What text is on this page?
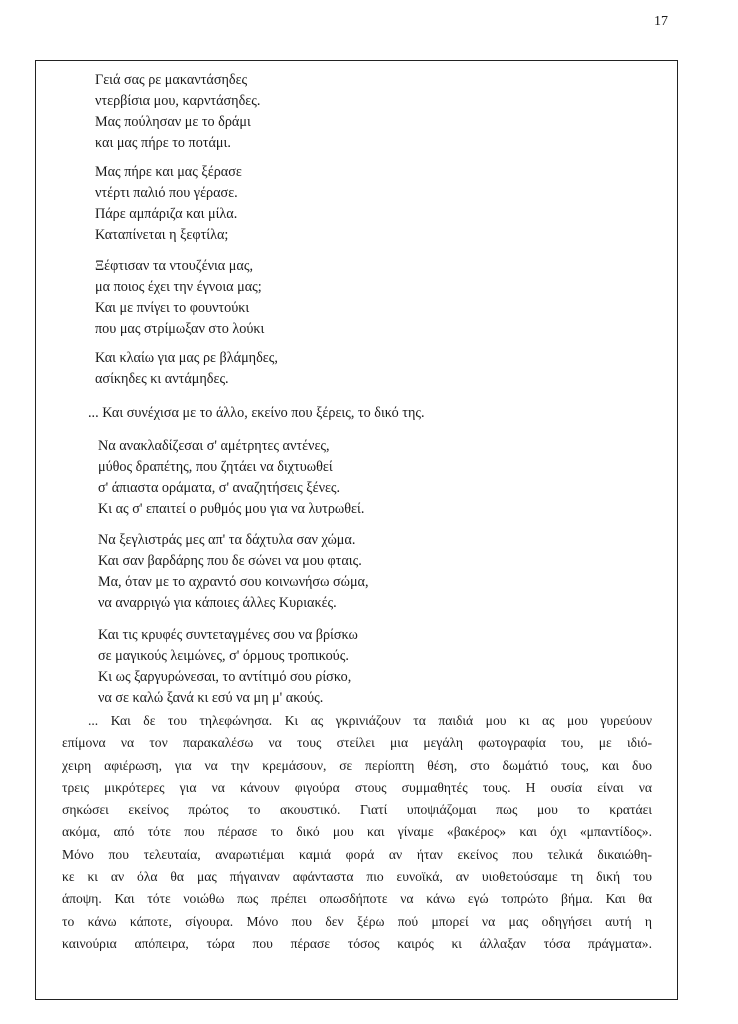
17
Γειά σας ρε μακαντάσηδες
ντερβίσια μου, καρντάσηδες.
Μας πούλησαν με το δράμι
και μας πήρε το ποτάμι.
Μας πήρε και μας ξέρασε
ντέρτι παλιό που γέρασε.
Πάρε αμπάριζα και μίλα.
Καταπίνεται η ξεφτίλα;
Ξέφτισαν τα ντουζένια μας,
μα ποιος έχει την έγνοια μας;
Και με πνίγει το φουντούκι
που μας στρίμωξαν στο λούκι
Και κλαίω για μας ρε βλάμηδες,
ασίκηδες κι αντάμηδες.
... Και συνέχισα με το άλλο, εκείνο που ξέρεις, το δικό της.
Να ανακλαδίζεσαι σ' αμέτρητες αντένες,
μύθος δραπέτης, που ζητάει να διχτυωθεί
σ' άπιαστα οράματα, σ' αναζητήσεις ξένες.
Κι ας σ' επαιτεί ο ρυθμός μου για να λυτρωθεί.
Να ξεγλιστράς μες απ' τα δάχτυλα σαν χώμα.
Και σαν βαρδάρης που δε σώνει να μου φταις.
Μα, όταν με το αχραντό σου κοινωνήσω σώμα,
να αναρριγώ για κάποιες άλλες Κυριακές.
Και τις κρυφές συντεταγμένες σου να βρίσκω
σε μαγικούς λειμώνες, σ' όρμους τροπικούς.
Κι ως ξαργυρώνεσαι, το αντίτιμό σου ρίσκο,
να σε καλώ ξανά κι εσύ να μη μ' ακούς.
... Και δε του τηλεφώνησα. Κι ας γκρινιάζουν τα παιδιά μου κι ας μου γυρεύουν
επίμονα να τον παρακαλέσω να τους στείλει μια μεγάλη φωτογραφία του, με ιδιό-
χειρη αφιέρωση, για να την κρεμάσουν, σε περίοπτη θέση, στο δωμάτιό τους, και δυο
τρεις μικρότερες για να κάνουν φιγούρα στους συμμαθητές τους. Η ουσία είναι να
σηκώσει εκείνος πρώτος το ακουστικό. Γιατί υποψιάζομαι πως μου το κρατάει
ακόμα, από τότε που πέρασε το δικό μου και γίναμε «βακέρος» και όχι «μπαντίδος».
Μόνο που τελευταία, αναρωτιέμαι καμιά φορά αν ήταν εκείνος που τελικά δικαιώθη-
κε κι αν όλα θα μας πήγαιναν αφάνταστα πιο ευνοϊκά, αν υιοθετούσαμε τη δική του
άποψη. Και τότε νοιώθω πως πρέπει οπωσδήποτε να κάνω εγώ τοπρώτο βήμα. Και θα
το κάνω κάποτε, σίγουρα. Μόνο που δεν ξέρω πού μπορεί να μας οδηγήσει αυτή η
καινούρια απόπειρα, τώρα που πέρασε τόσος καιρός κι άλλαξαν τόσα πράγματα».
